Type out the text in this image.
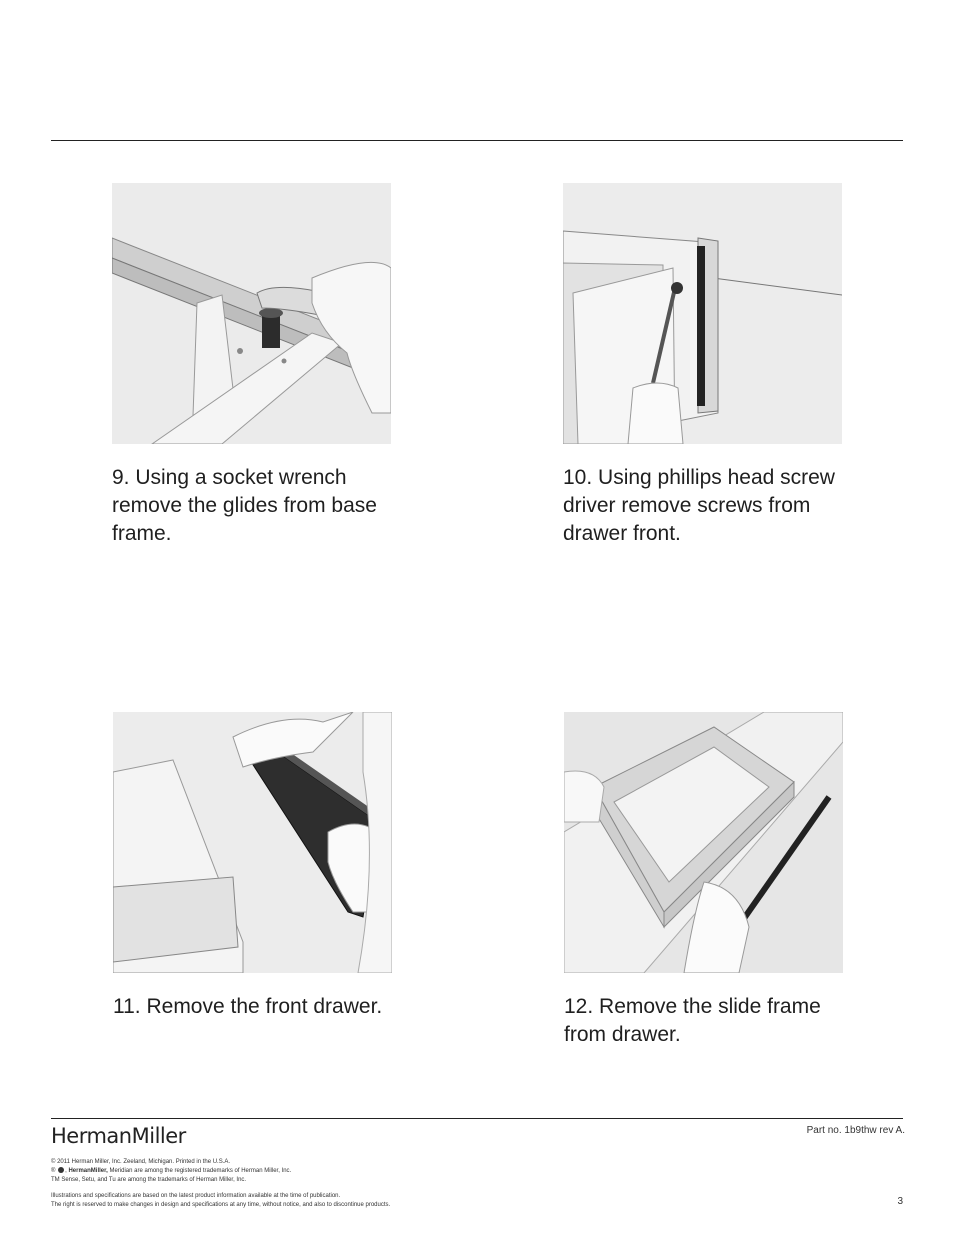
9. Using a socket wrench remove the glides from base frame.
10. Using phillips head screw driver remove screws from drawer front.
11. Remove the front drawer.	12. Remove the slide frame from drawer.
HermanMiller	Part no. 1b9thw rev A.
© 2011 Herman Miller, Inc. Zeeland, Michigan. Printed in the U.S.A.
® , HermanMiller, Meridian are among the registered trademarks of Herman Miller, Inc.
TM Sense, Setu, and Tu are among the trademarks of Herman Miller, Inc.
Illustrations and specifications are based on the latest product information available at the time of publication.
The right is reserved to make changes in design and specifications at any time, without notice, and also to discontinue products.	3
